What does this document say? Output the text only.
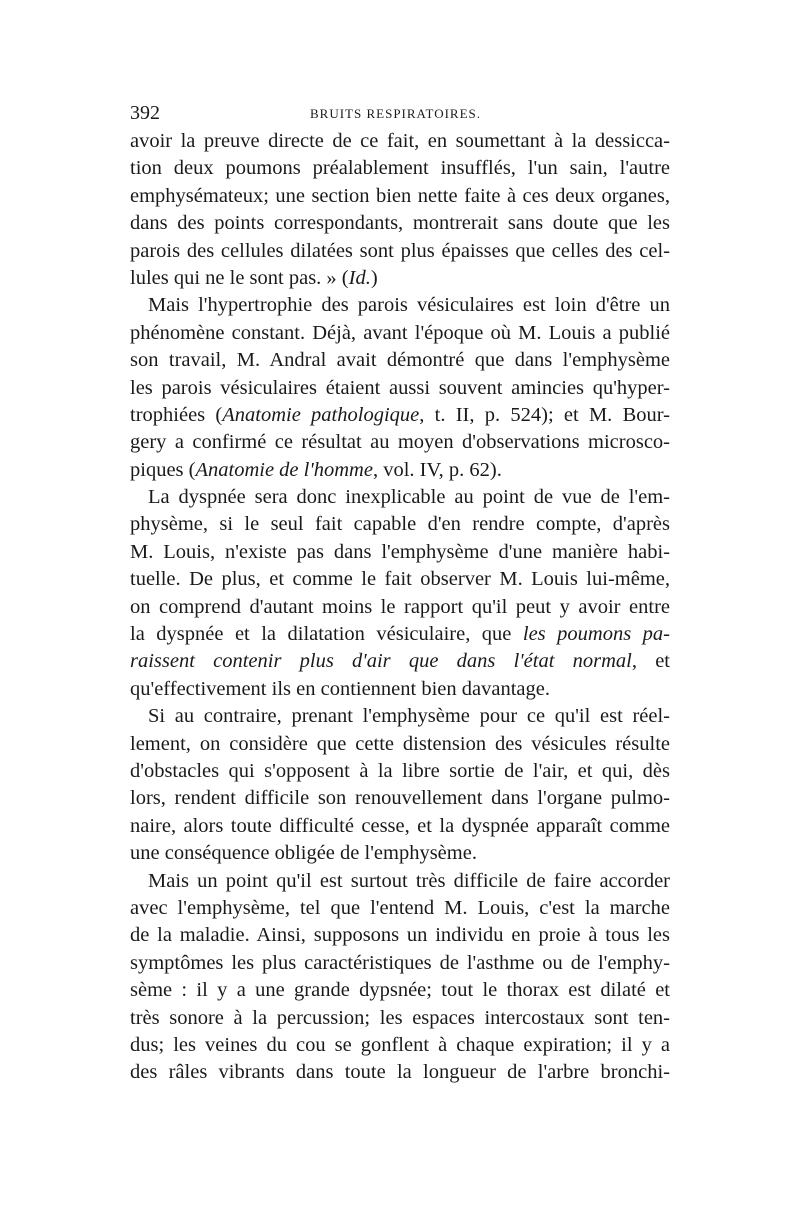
392	BRUITS RESPIRATOIRES.
avoir la preuve directe de ce fait, en soumettant à la dessicca-
tion deux poumons préalablement insufflés, l'un sain, l'autre
emphysémateux; une section bien nette faite à ces deux organes,
dans des points correspondants, montrerait sans doute que les
parois des cellules dilatées sont plus épaisses que celles des cel-
lules qui ne le sont pas. » (Id.)
Mais l'hypertrophie des parois vésiculaires est loin d'être un
phénomène constant. Déjà, avant l'époque où M. Louis a publié
son travail, M. Andral avait démontré que dans l'emphysème
les parois vésiculaires étaient aussi souvent amincies qu'hyper-
trophiées (Anatomie pathologique, t. II, p. 524); et M. Bour-
gery a confirmé ce résultat au moyen d'observations microsco-
piques (Anatomie de l'homme, vol. IV, p. 62).
La dyspnée sera donc inexplicable au point de vue de l'em-
physème, si le seul fait capable d'en rendre compte, d'après
M. Louis, n'existe pas dans l'emphysème d'une manière habi-
tuelle. De plus, et comme le fait observer M. Louis lui-même,
on comprend d'autant moins le rapport qu'il peut y avoir entre
la dyspnée et la dilatation vésiculaire, que les poumons pa-
raissent contenir plus d'air que dans l'état normal, et
qu'effectivement ils en contiennent bien davantage.
Si au contraire, prenant l'emphysème pour ce qu'il est réel-
lement, on considère que cette distension des vésicules résulte
d'obstacles qui s'opposent à la libre sortie de l'air, et qui, dès
lors, rendent difficile son renouvellement dans l'organe pulmo-
naire, alors toute difficulté cesse, et la dyspnée apparaît comme
une conséquence obligée de l'emphysème.
Mais un point qu'il est surtout très difficile de faire accorder
avec l'emphysème, tel que l'entend M. Louis, c'est la marche
de la maladie. Ainsi, supposons un individu en proie à tous les
symptômes les plus caractéristiques de l'asthme ou de l'emphy-
sème : il y a une grande dypsnée; tout le thorax est dilaté et
très sonore à la percussion; les espaces intercostaux sont ten-
dus; les veines du cou se gonflent à chaque expiration; il y a
des râles vibrants dans toute la longueur de l'arbre bronchi-
